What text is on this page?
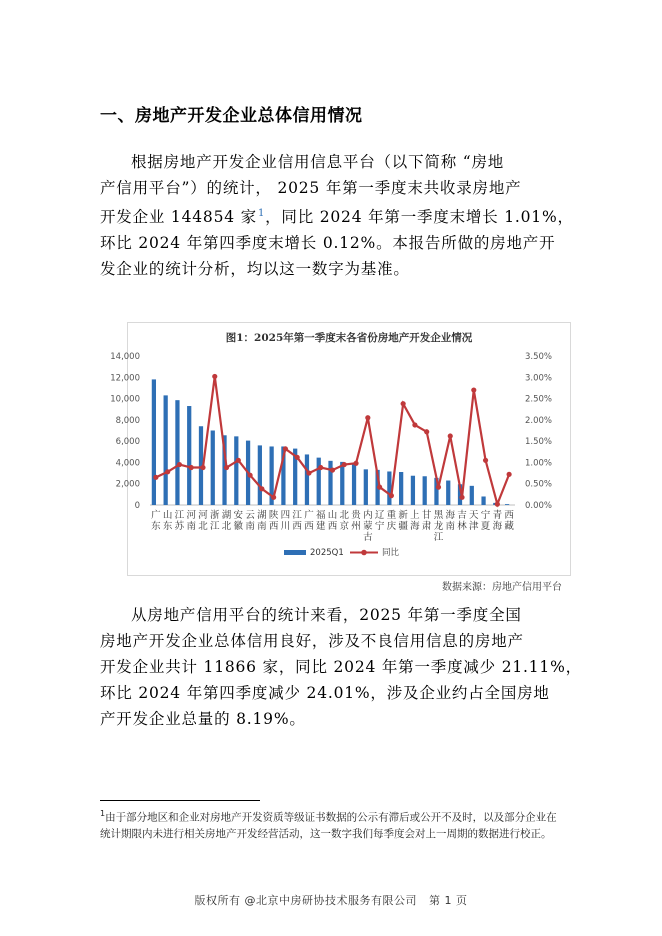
一、房地产开发企业总体信用情况
根据房地产开发企业信用信息平台（以下简称 “房地
产信用平台”）的统计， 2025 年第一季度末共收录房地产
开发企业 144854 家$^1$，同比 2024 年第一季度末增长 1.01%，
环比 2024 年第四季度末增长 0.12%。本报告所做的房地产开
发企业的统计分析，均以这一数字为基准。
图1：2025年第一季度末各省份房地产开发企业情况
0
2,000
4,000
6,000
8,000
10,000
12,000
14,000
0.00%
0.50%
1.00%
1.50%
2.00%
2.50%
3.00%
3.50%
广东
山东
江苏
河南
河北
浙江
湖北
安徽
云南
湖南
陕西
四川
江西
广西
福建
山西
北京
贵州
内蒙古
辽宁
重庆
新疆
上海
甘肃
黑龙江
海南
吉林
天津
宁夏
青海
西藏
2025Q1	同比
数据来源：房地产信用平台
从房地产信用平台的统计来看，2025 年第一季度全国
房地产开发企业总体信用良好，涉及不良信用信息的房地产
开发企业共计 11866 家，同比 2024 年第一季度减少 21.11%，
环比 2024 年第四季度减少 24.01%，涉及企业约占全国房地
产开发企业总量的 8.19%。
$^1$由于部分地区和企业对房地产开发资质等级证书数据的公示有滞后或公开不及时，以及部分企业在统计期限内未进行相关房地产开发经营活动，这一数字我们每季度会对上一周期的数据进行校正。
版权所有 @北京中房研协技术服务有限公司 第 1 页
